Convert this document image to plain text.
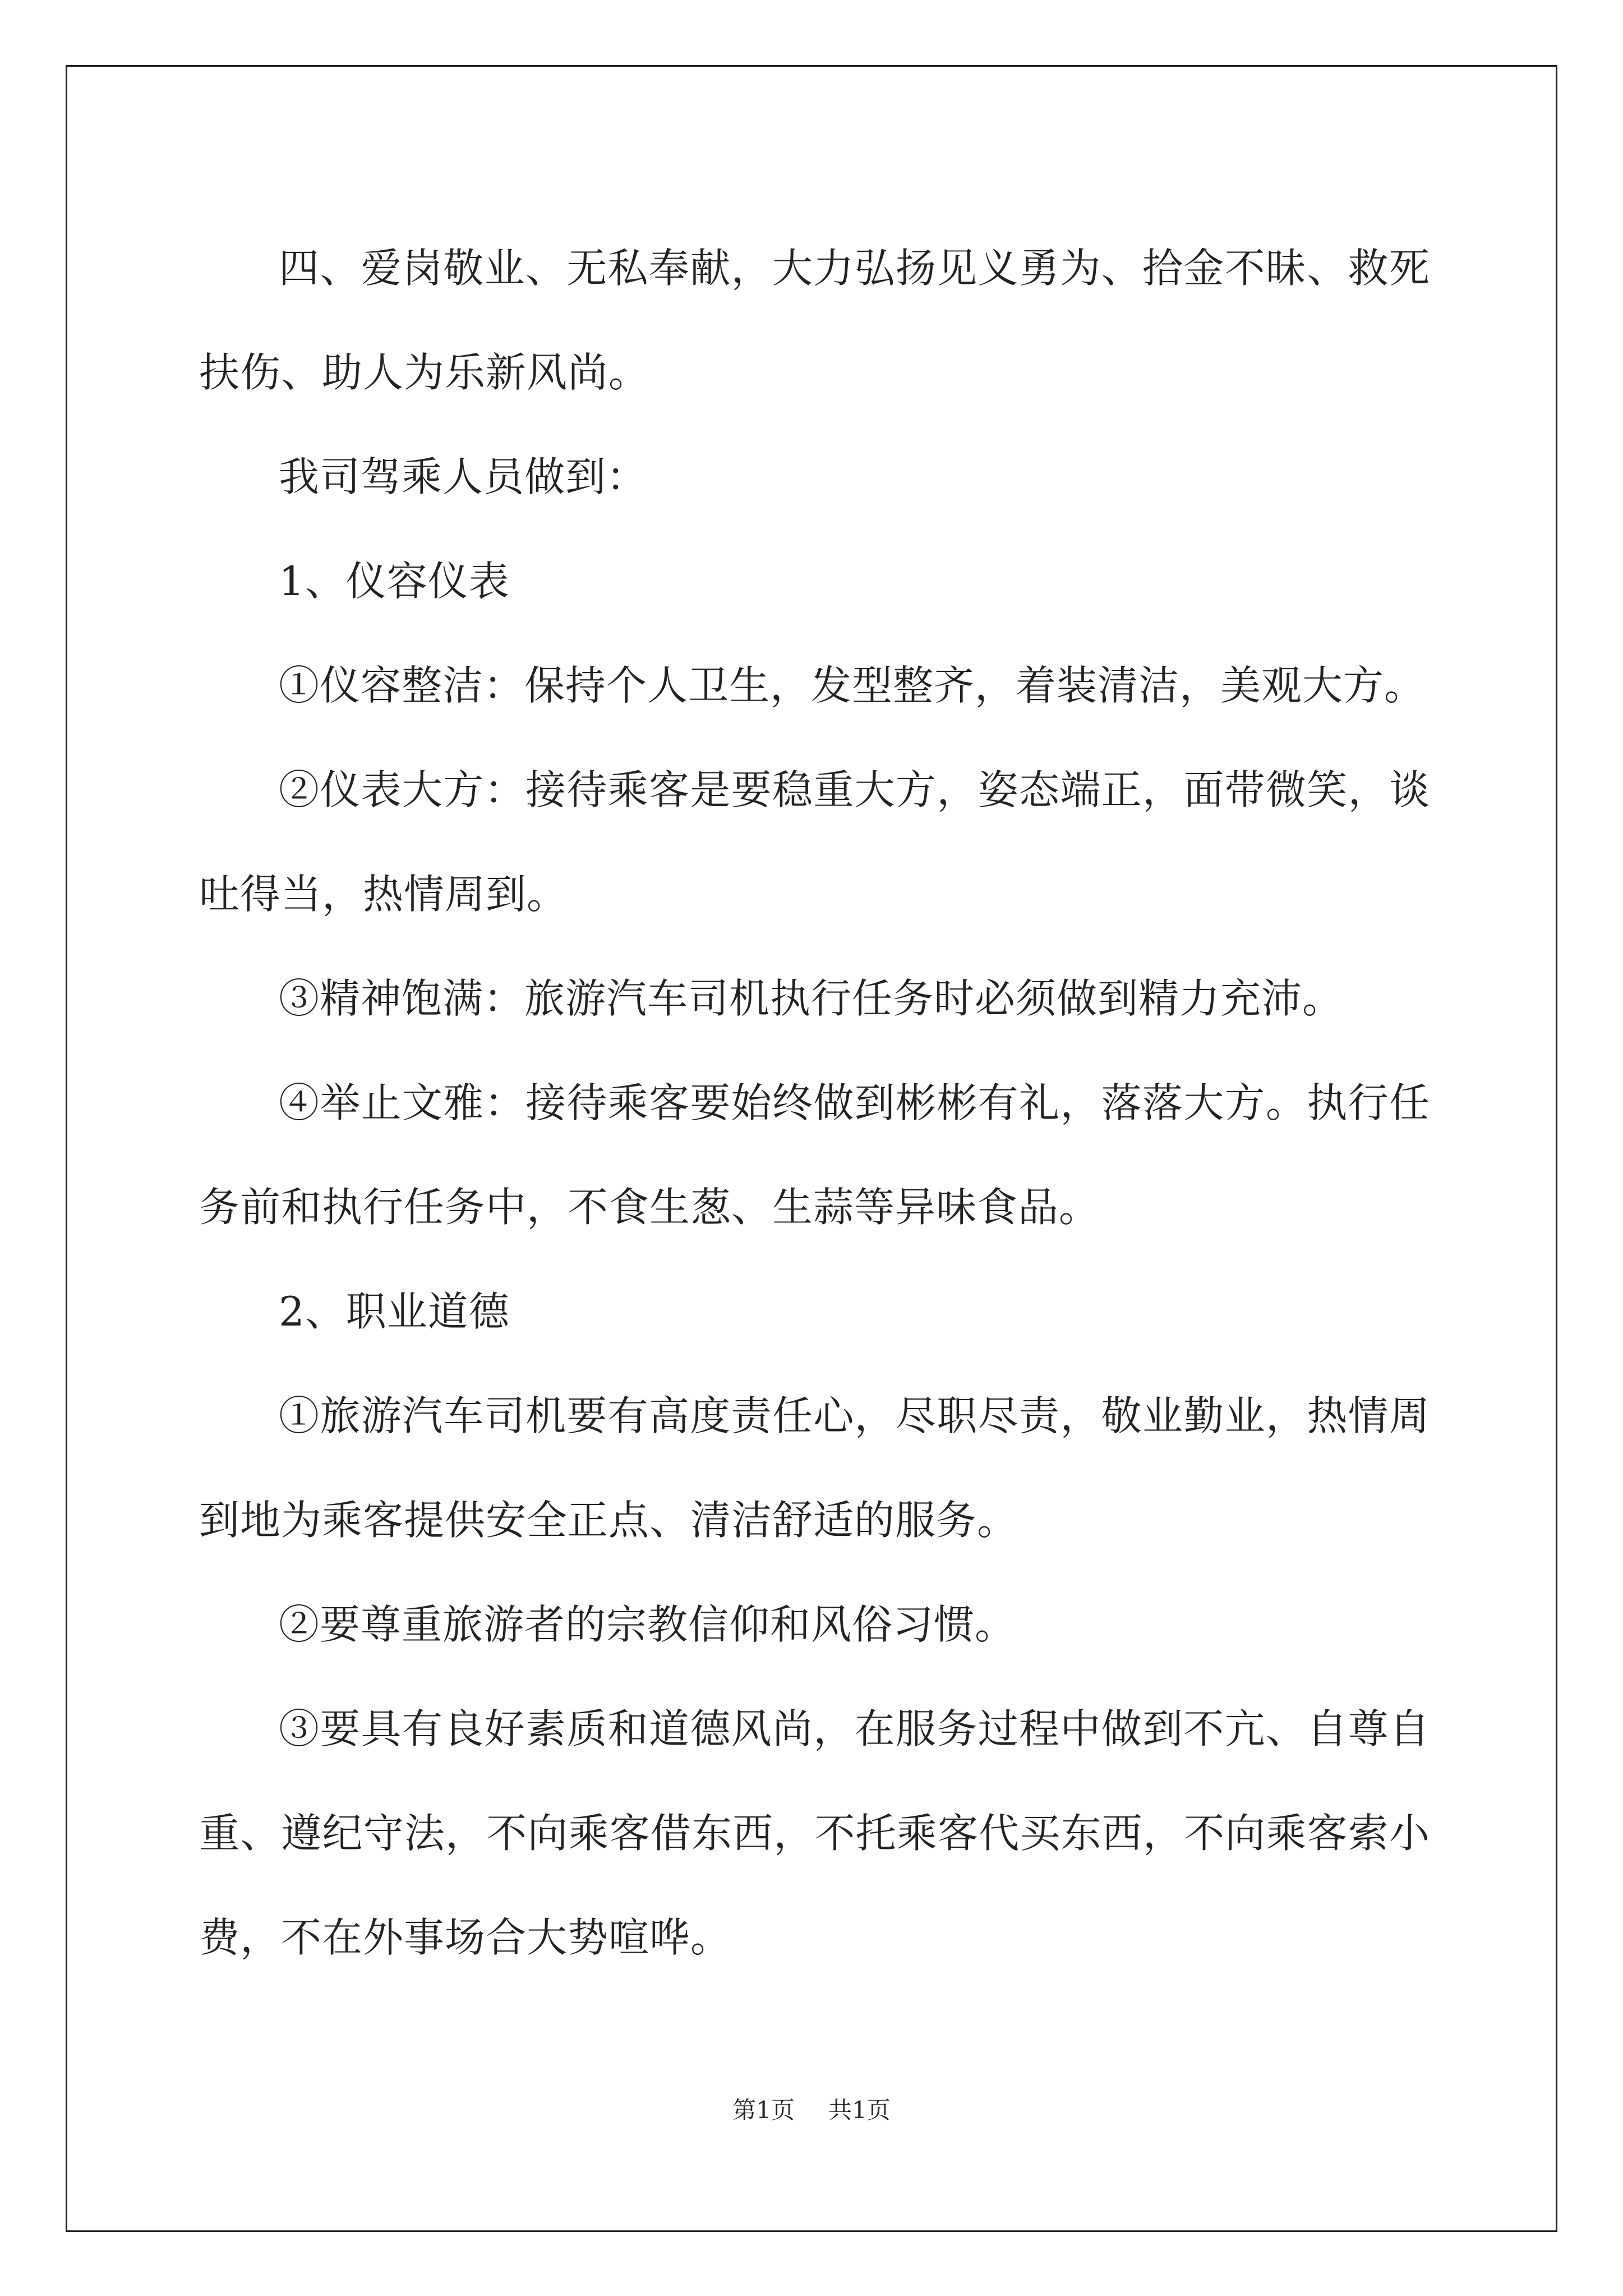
四、爱岗敬业、无私奉献，大力弘扬见义勇为、拾金不昧、救死扶伤、助人为乐新风尚。

我司驾乘人员做到：

1、仪容仪表

①仪容整洁：保持个人卫生，发型整齐，着装清洁，美观大方。

②仪表大方：接待乘客是要稳重大方，姿态端正，面带微笑，谈吐得当，热情周到。

③精神饱满：旅游汽车司机执行任务时必须做到精力充沛。

④举止文雅：接待乘客要始终做到彬彬有礼，落落大方。执行任务前和执行任务中，不食生葱、生蒜等异味食品。

2、职业道德

①旅游汽车司机要有高度责任心，尽职尽责，敬业勤业，热情周到地为乘客提供安全正点、清洁舒适的服务。

②要尊重旅游者的宗教信仰和风俗习惯。

③要具有良好素质和道德风尚，在服务过程中做到不亢、自尊自重、遵纪守法，不向乘客借东西，不托乘客代买东西，不向乘客索小费，不在外事场合大势喧哗。

第1页 共1页
